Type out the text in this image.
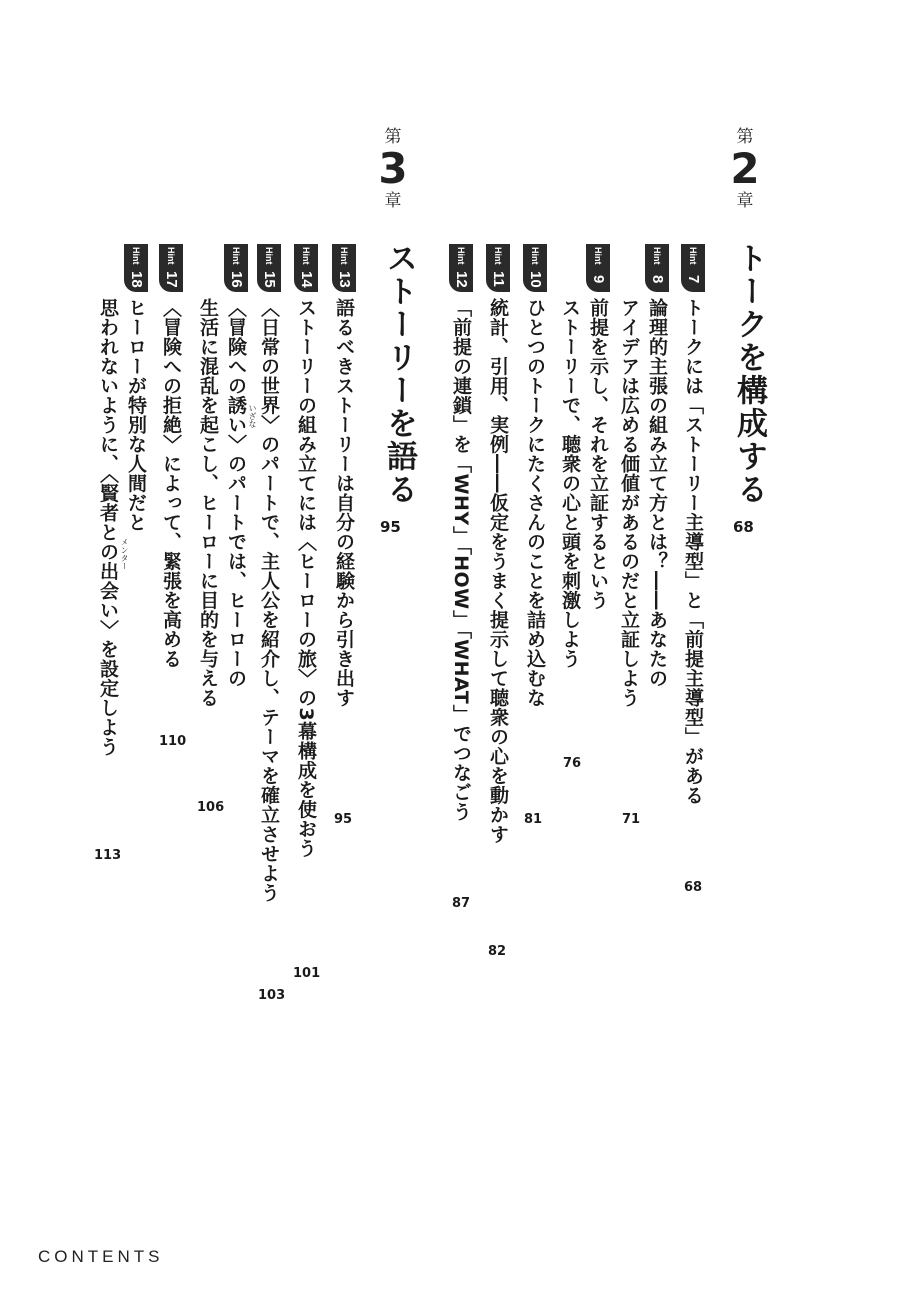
第
2
章
トークを構成する
68
第
3
章
ストーリーを語る
95
Hint
7
トークには「ストーリー主導型」と「前提主導型」がある
68
Hint
8
論理的主張の組み立て方とは？――あなたの
アイデアは広める価値があるのだと立証しよう
71
Hint
9
前提を示し、それを立証するという
ストーリーで、聴衆の心と頭を刺激しよう
76
Hint
10
ひとつのトークにたくさんのことを詰め込むな
81
Hint
11
統計、引用、実例――仮定をうまく提示して聴衆の心を動かす
82
Hint
12
「前提の連鎖」を「WHY」「HOW」「WHAT」でつなごう
87
Hint
13
語るべきストーリーは自分の経験から引き出す
95
Hint
14
ストーリーの組み立てには〈ヒーローの旅〉の3幕構成を使おう
101
Hint
15
〈日常の世界〉のパートで、主人公を紹介し、テーマを確立させよう
103
Hint
16
〈冒険への誘い〉のパートでは、ヒーローの いざな
生活に混乱を起こし、ヒーローに目的を与える
106
Hint
17
〈冒険への拒絶〉によって、緊張を高める
110
Hint
18
ヒーローが特別な人間だと
思われないように、〈賢者との出会い〉を設定しよう メンター
113
CONTENTS
